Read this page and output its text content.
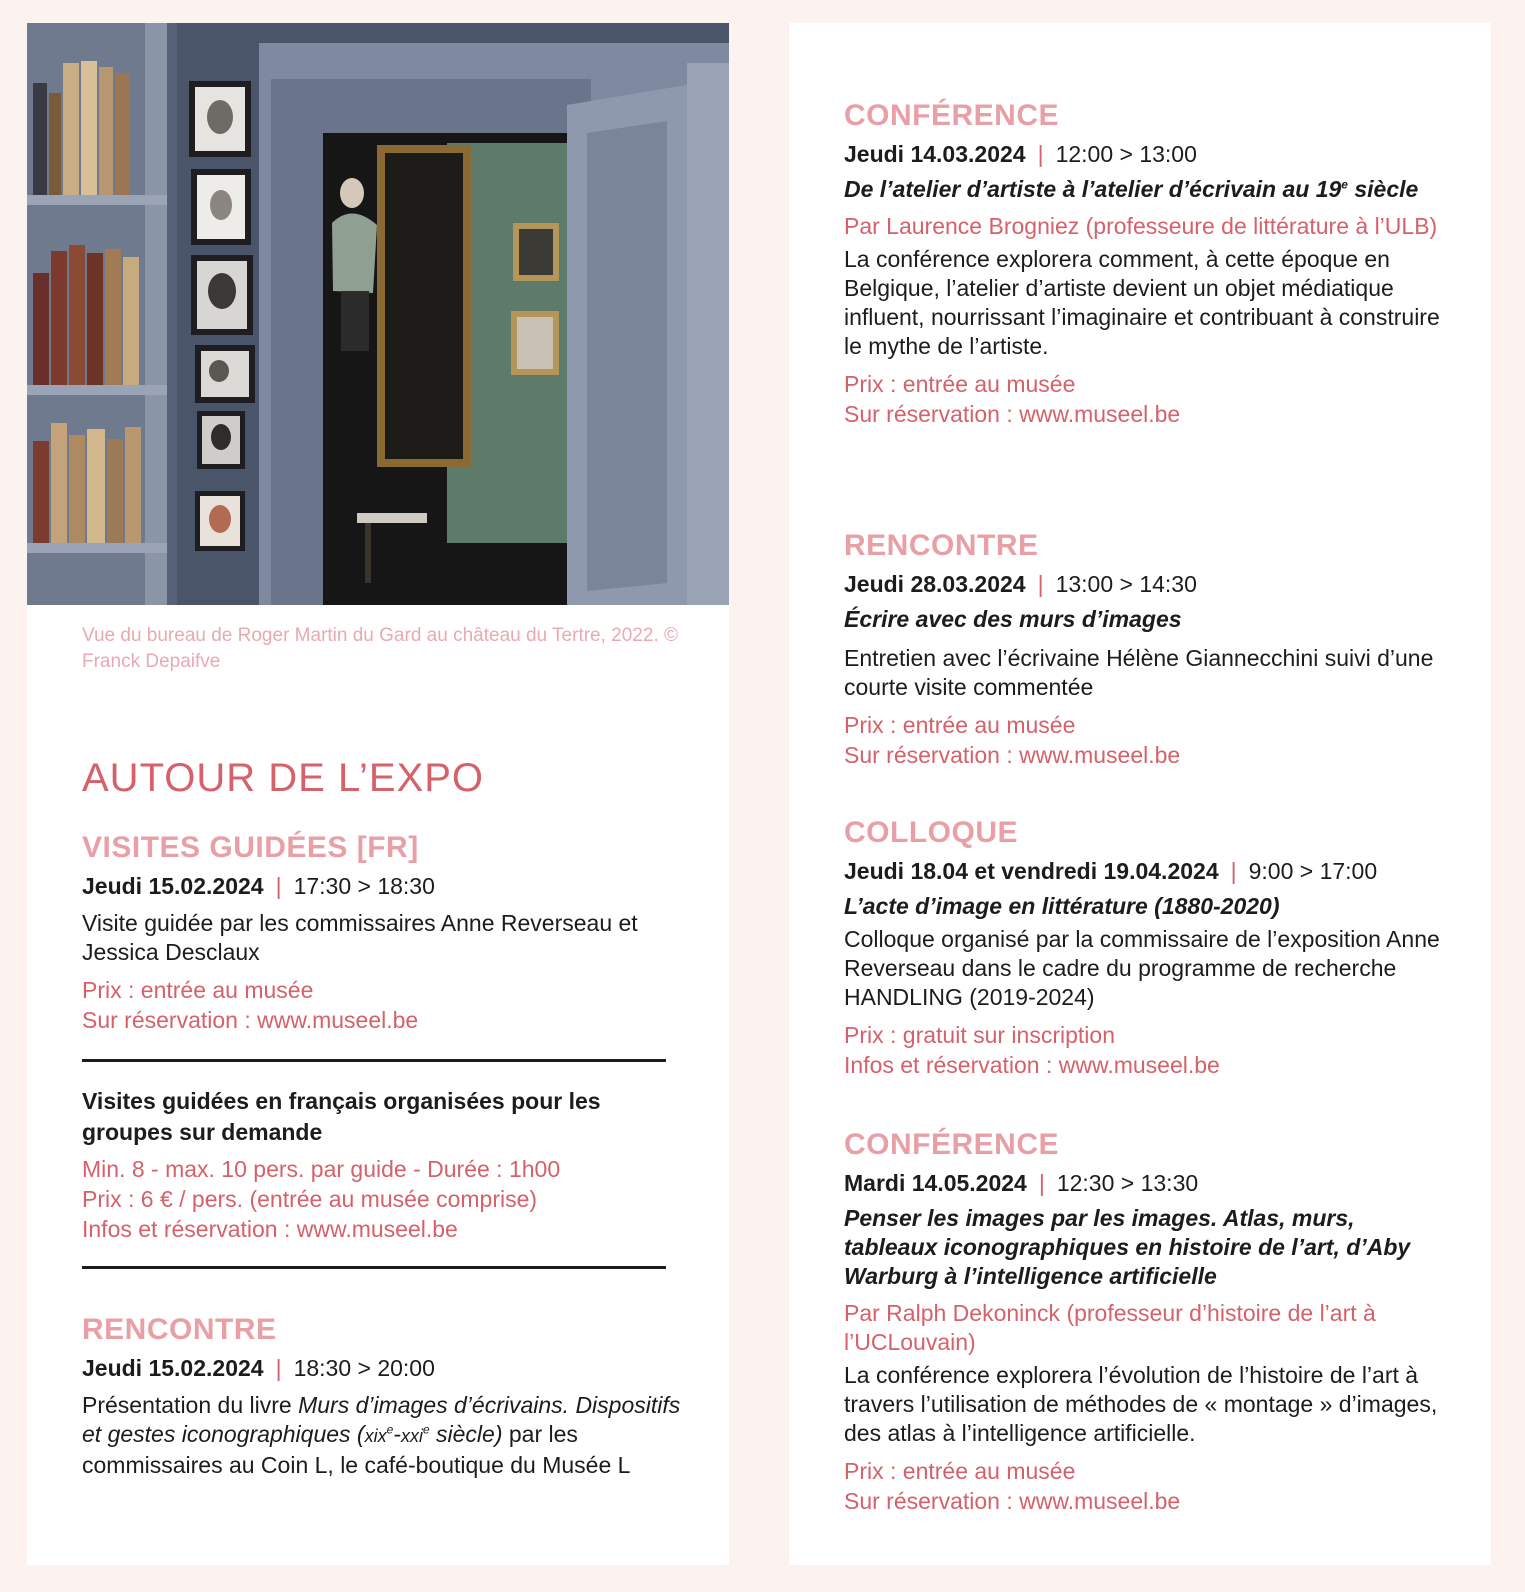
Vue du bureau de Roger Martin du Gard au château du Tertre, 2022. © Franck Depaifve
AUTOUR DE L’EXPO
VISITES GUIDÉES [FR]
Jeudi 15.02.2024 | 17:30 > 18:30
Visite guidée par les commissaires Anne Reverseau et Jessica Desclaux
Prix : entrée au musée
Sur réservation : www.museel.be
Visites guidées en français organisées pour les groupes sur demande
Min. 8 - max. 10 pers. par guide - Durée : 1h00
Prix : 6 € / pers. (entrée au musée comprise)
Infos et réservation : www.museel.be
RENCONTRE
Jeudi 15.02.2024 | 18:30 > 20:00
Présentation du livre Murs d’images d’écrivains. Dispositifs et gestes iconographiques (xix$^e$-xxi$^e$ siècle) par les commissaires au Coin L, le café-boutique du Musée L
CONFÉRENCE
Jeudi 14.03.2024 | 12:00 > 13:00
De l’atelier d’artiste à l’atelier d’écrivain au 19e siècle
Par Laurence Brogniez (professeure de littérature à l’ULB)
La conférence explorera comment, à cette époque en Belgique, l’atelier d’artiste devient un objet médiatique influent, nourrissant l’imaginaire et contribuant à construire le mythe de l’artiste.
Prix : entrée au musée
Sur réservation : www.museel.be
RENCONTRE
Jeudi 28.03.2024 | 13:00 > 14:30
Écrire avec des murs d’images
Entretien avec l’écrivaine Hélène Giannecchini suivi d’une courte visite commentée
Prix : entrée au musée
Sur réservation : www.museel.be
COLLOQUE
Jeudi 18.04 et vendredi 19.04.2024 | 9:00 > 17:00
L’acte d’image en littérature (1880-2020)
Colloque organisé par la commissaire de l’exposition Anne Reverseau dans le cadre du programme de recherche HANDLING (2019-2024)
Prix : gratuit sur inscription
Infos et réservation : www.museel.be
CONFÉRENCE
Mardi 14.05.2024 | 12:30 > 13:30
Penser les images par les images. Atlas, murs, tableaux iconographiques en histoire de l’art, d’Aby Warburg à l’intelligence artificielle
Par Ralph Dekoninck (professeur d’histoire de l’art à l’UCLouvain)
La conférence explorera l’évolution de l’histoire de l’art à travers l’utilisation de méthodes de « montage » d’images, des atlas à l’intelligence artificielle.
Prix : entrée au musée
Sur réservation : www.museel.be
